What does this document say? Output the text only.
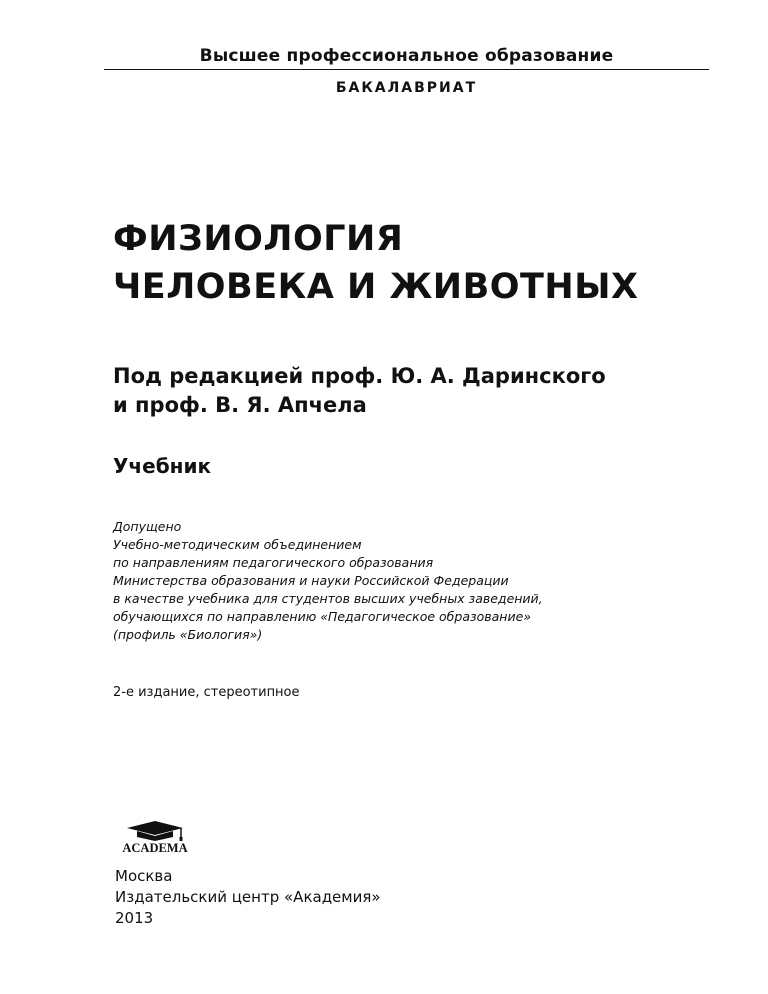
Высшее профессиональное образование
БАКАЛАВРИАТ
ФИЗИОЛОГИЯ
ЧЕЛОВЕКА И ЖИВОТНЫХ
Под редакцией проф. Ю. А. Даринского
и проф. В. Я. Апчела
Учебник
Допущено
Учебно-методическим объединением
по направлениям педагогического образования
Министерства образования и науки Российской Федерации
в качестве учебника для студентов высших учебных заведений,
обучающихся по направлению «Педагогическое образование»
(профиль «Биология»)
2-е издание, стереотипное
ACADEMA
Москва
Издательский центр «Академия»
2013
